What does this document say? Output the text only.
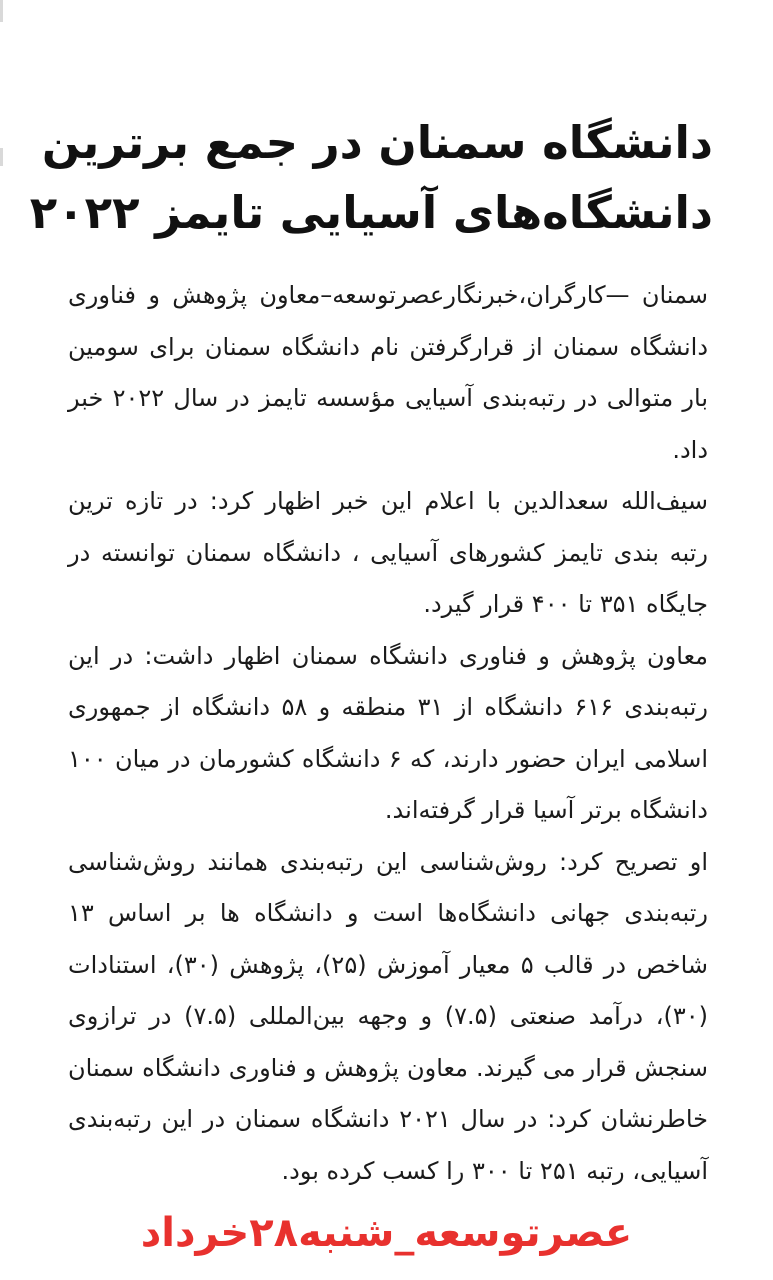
دانشگاه سمنان در جمع برترین
دانشگاه‌های آسیایی تایمز ۲۰۲۲

سمنان —کارگران،خبرنگارعصرتوسعه–معاون پژوهش و فناوری دانشگاه سمنان از قرارگرفتن نام دانشگاه سمنان برای سومین بار متوالی در رتبه‌بندی آسیایی مؤسسه تایمز در سال ۲۰۲۲ خبر داد.

سیف‌الله سعدالدین با اعلام این خبر اظهار کرد: در تازه ترین رتبه بندی تایمز کشورهای آسیایی ، دانشگاه سمنان توانسته در جایگاه ۳۵۱ تا ۴۰۰ قرار گیرد.

معاون پژوهش و فناوری دانشگاه سمنان اظهار داشت: در این رتبه‌بندی ۶۱۶ دانشگاه از ۳۱ منطقه و ۵۸ دانشگاه از جمهوری اسلامی ایران حضور دارند، که ۶ دانشگاه کشورمان در میان ۱۰۰ دانشگاه برتر آسیا قرار گرفته‌اند.

او تصریح کرد: روش‌شناسی این رتبه‌بندی همانند روش‌شناسی رتبه‌بندی جهانی دانشگاه‌ها است و دانشگاه ها بر اساس ۱۳ شاخص در قالب ۵ معیار آموزش (۲۵)، پژوهش (۳۰)، استنادات (۳۰)، درآمد صنعتی (۷.۵) و وجهه بین‌المللی (۷.۵) در ترازوی سنجش قرار می گیرند. معاون پژوهش و فناوری دانشگاه سمنان خاطرنشان کرد: در سال ۲۰۲۱ دانشگاه سمنان در این رتبه‌بندی آسیایی، رتبه ۲۵۱ تا ۳۰۰ را کسب کرده بود.

عصرتوسعه_شنبه۲۸خرداد
